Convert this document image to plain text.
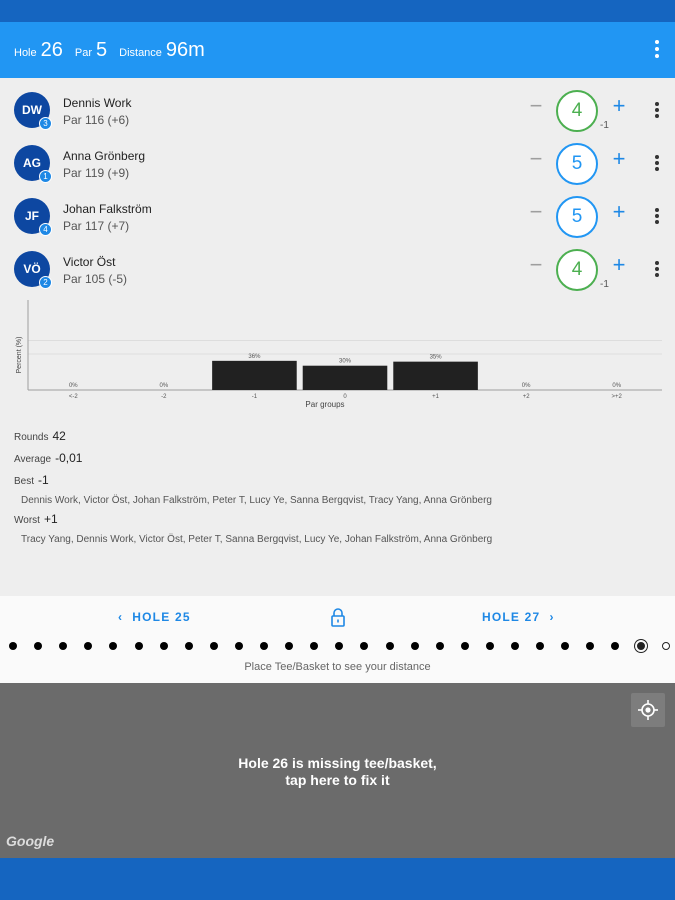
Hole 26 Par 5 Distance 96m
DW
3
Dennis Work
Par 116 (+6)
−	4	+
-1
AG
1
Anna Grönberg
Par 119 (+9)
−	5	+
JF
4
Johan Falkström
Par 117 (+7)
−	5	+
VÖ
2
Victor Öst
Par 105 (-5)
−	4	+
-1
0%
<-2
0%
-2
36%
-1
30%
0
35%
+1
0%
+2
0%
>+2
Par groups
Percent (%)
Rounds 42
Average -0,01
Best -1
Dennis Work, Victor Öst, Johan Falkström, Peter T, Lucy Ye, Sanna Bergqvist, Tracy Yang, Anna Grönberg
Worst +1
Tracy Yang, Dennis Work, Victor Öst, Peter T, Sanna Bergqvist, Lucy Ye, Johan Falkström, Anna Grönberg
‹ HOLE 25	HOLE 27 ›
Place Tee/Basket to see your distance
Hole 26 is missing tee/basket,
tap here to fix it
Google
